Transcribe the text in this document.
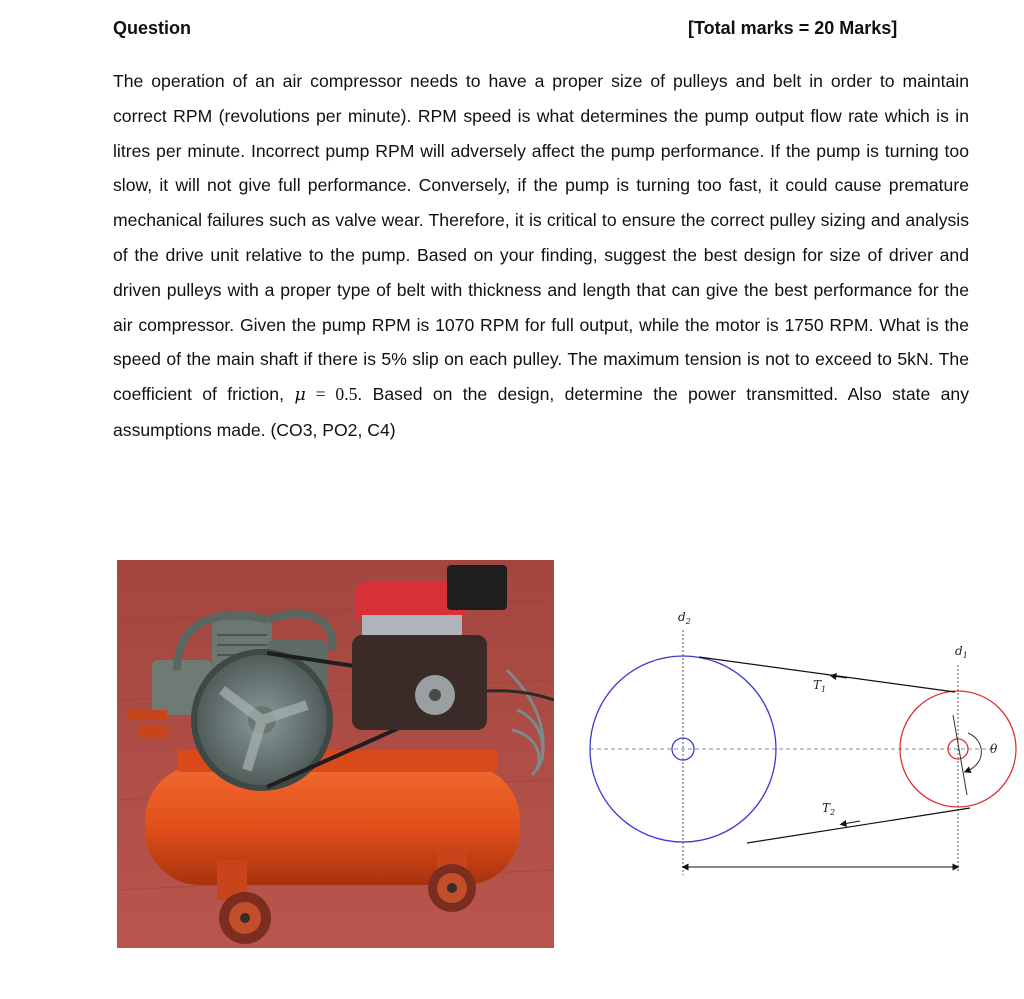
Question	[Total marks = 20 Marks]
The operation of an air compressor needs to have a proper size of pulleys and belt in order to maintain correct RPM (revolutions per minute). RPM speed is what determines the pump output flow rate which is in litres per minute. Incorrect pump RPM will adversely affect the pump performance. If the pump is turning too slow, it will not give full performance. Conversely, if the pump is turning too fast, it could cause premature mechanical failures such as valve wear. Therefore, it is critical to ensure the correct pulley sizing and analysis of the drive unit relative to the pump. Based on your finding, suggest the best design for size of driver and driven pulleys with a proper type of belt with thickness and length that can give the best performance for the air compressor. Given the pump RPM is 1070 RPM for full output, while the motor is 1750 RPM. What is the speed of the main shaft if there is 5% slip on each pulley. The maximum tension is not to exceed to 5kN. The coefficient of friction, μ = 0.5. Based on the design, determine the power transmitted. Also state any assumptions made. (CO3, PO2, C4)
$d_2$
$d_1$
$T_1$
$T_2$
θ
